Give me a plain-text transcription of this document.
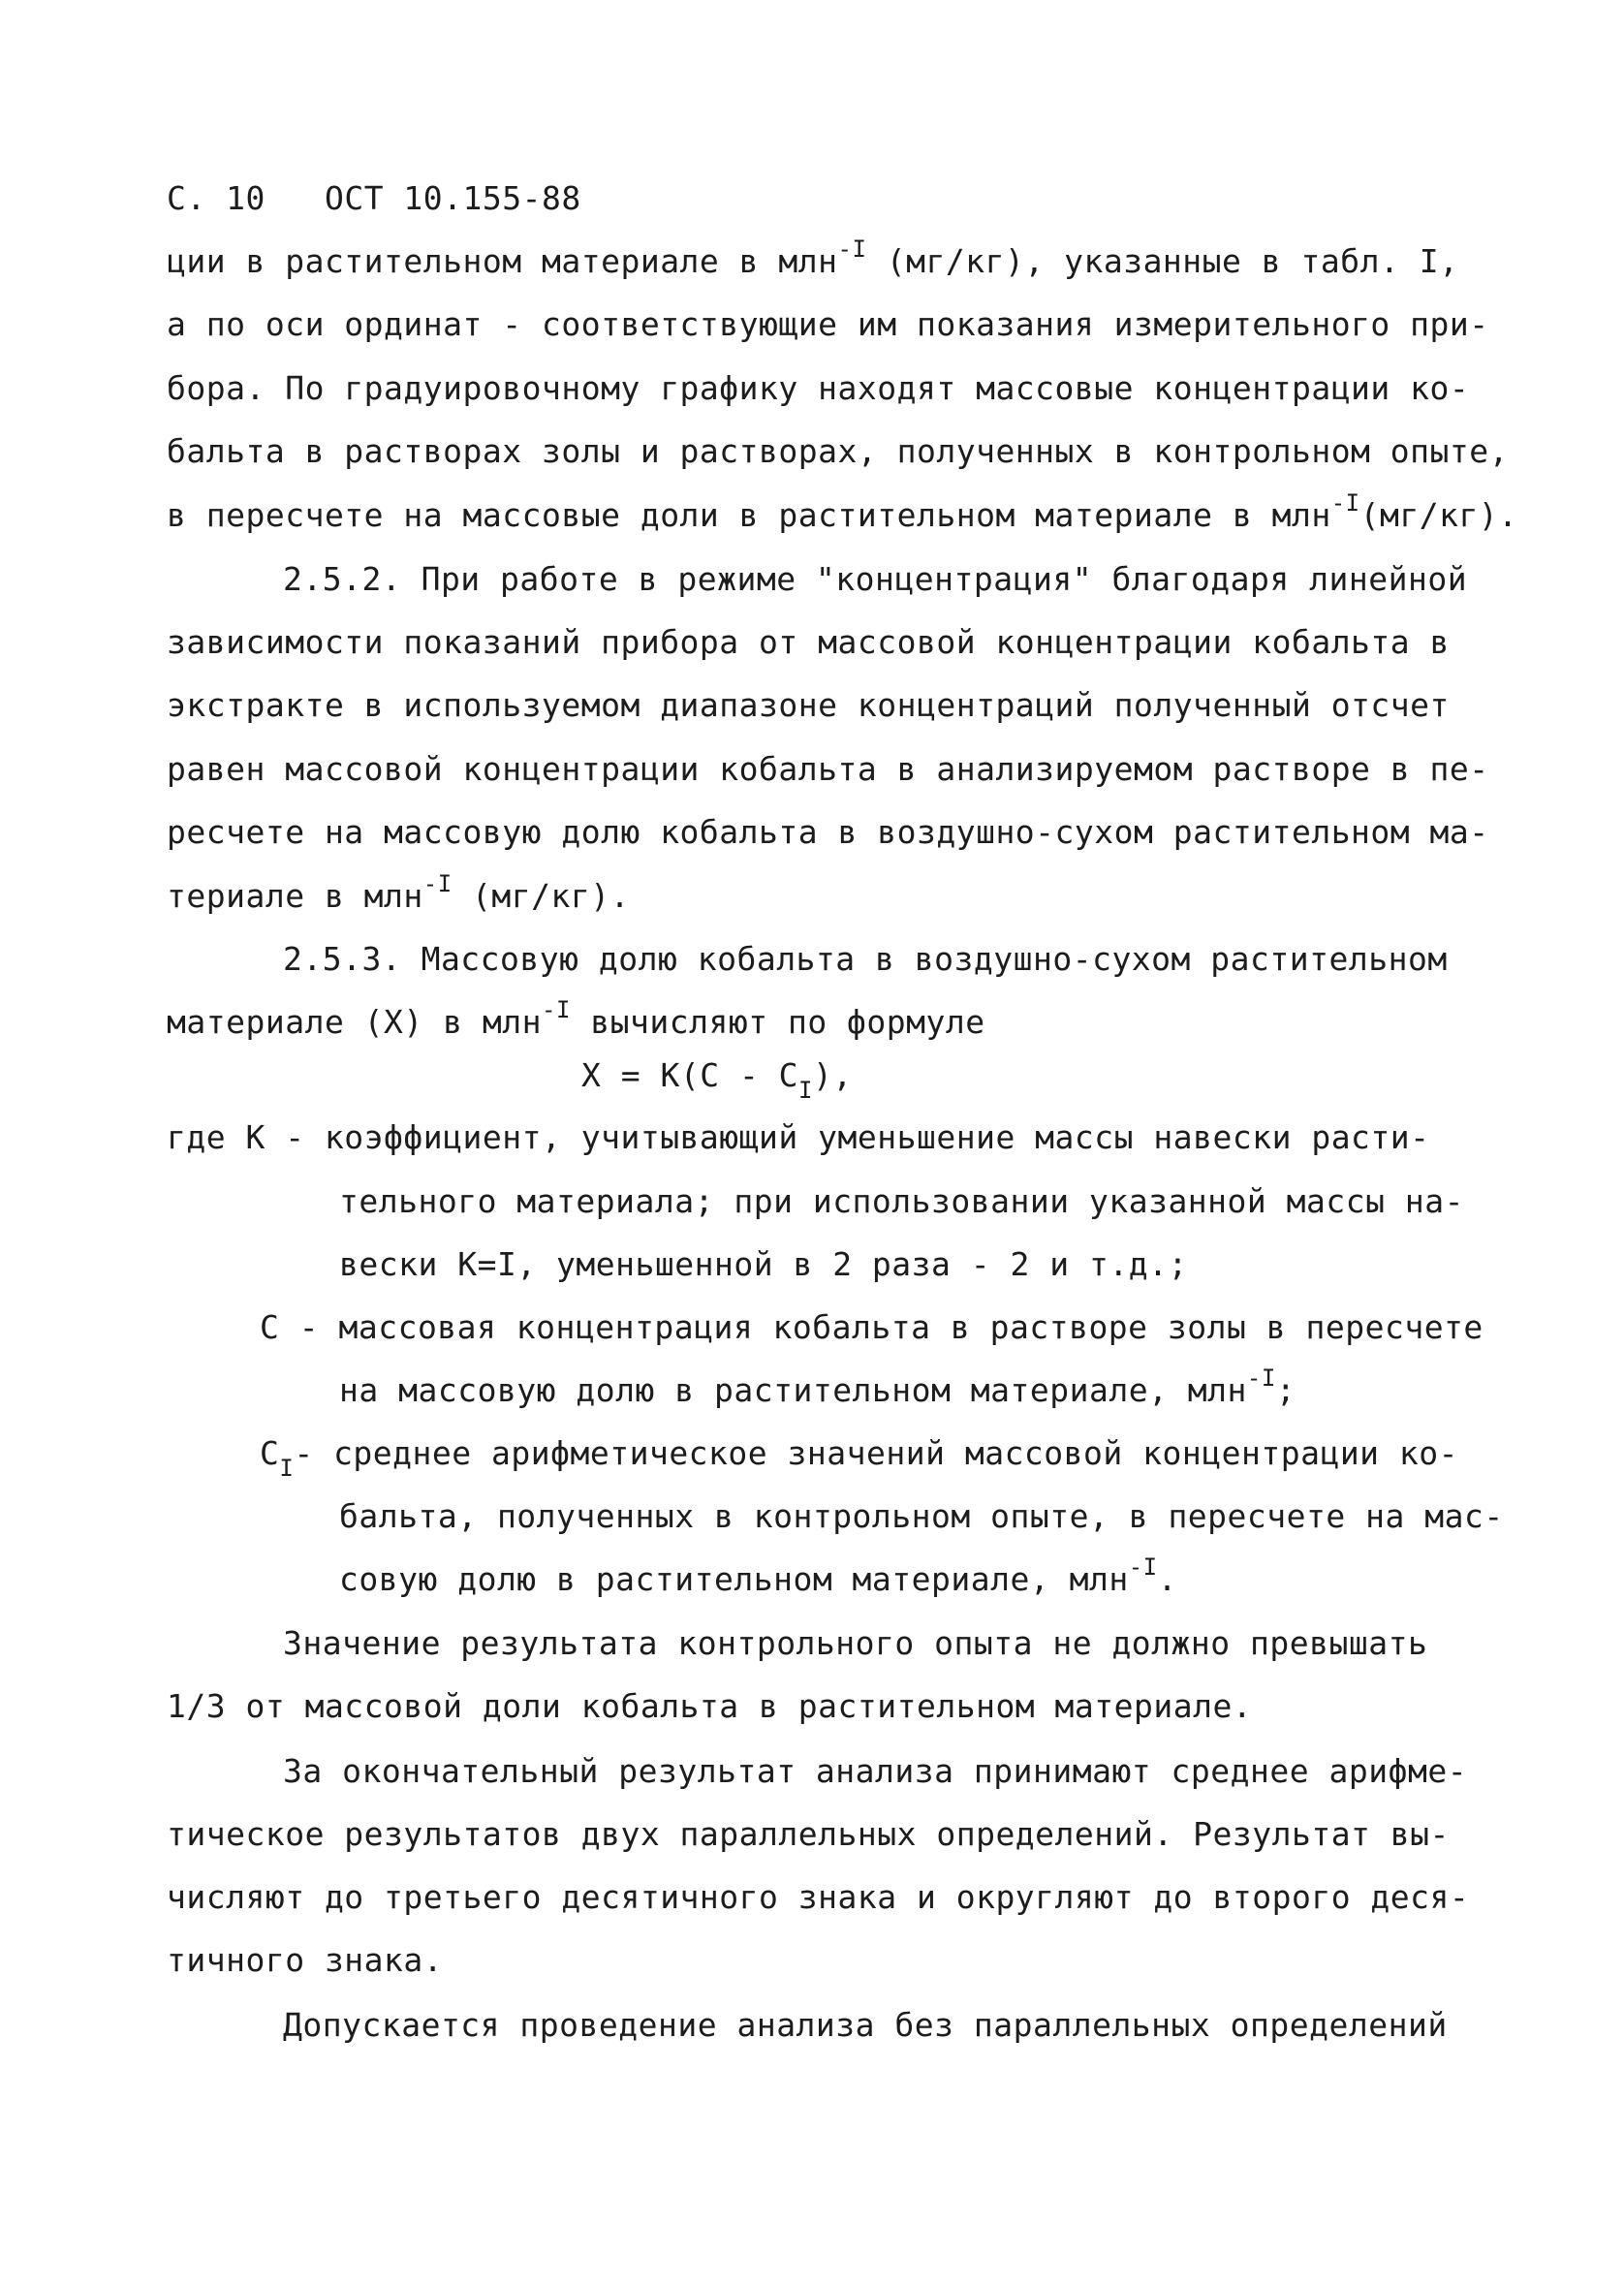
С. 10 ОСТ 10.155-88
ции в растительном материале в млн$^{-I}$ (мг/кг), указанные в табл. I,
а по оси ординат - соответствующие им показания измерительного при-
бора. По градуировочному графику находят массовые концентрации ко-
бальта в растворах золы и растворах, полученных в контрольном опыте,
в пересчете на массовые доли в растительном материале в млн$^{-I}$(мг/кг).
2.5.2. При работе в режиме "концентрация" благодаря линейной
зависимости показаний прибора от массовой концентрации кобальта в
экстракте в используемом диапазоне концентраций полученный отсчет
равен массовой концентрации кобальта в анализируемом растворе в пе-
ресчете на массовую долю кобальта в воздушно-сухом растительном ма-
териале в млн$^{-I}$ (мг/кг).
2.5.3. Массовую долю кобальта в воздушно-сухом растительном
материале (X) в млн$^{-I}$ вычисляют по формуле
$X = K(C - C_I)$,
где К - коэффициент, учитывающий уменьшение массы навески расти-
тельного материала; при использовании указанной массы на-
вески К=I, уменьшенной в 2 раза - 2 и т.д.;
C - массовая концентрация кобальта в растворе золы в пересчете
на массовую долю в растительном материале, млн$^{-I}$;
$C_I-$ среднее арифметическое значений массовой концентрации ко-
бальта, полученных в контрольном опыте, в пересчете на мас-
совую долю в растительном материале, млн$^{-I}$.
Значение результата контрольного опыта не должно превышать
1/3 от массовой доли кобальта в растительном материале.
За окончательный результат анализа принимают среднее арифме-
тическое результатов двух параллельных определений. Результат вы-
числяют до третьего десятичного знака и округляют до второго деся-
тичного знака.
Допускается проведение анализа без параллельных определений
